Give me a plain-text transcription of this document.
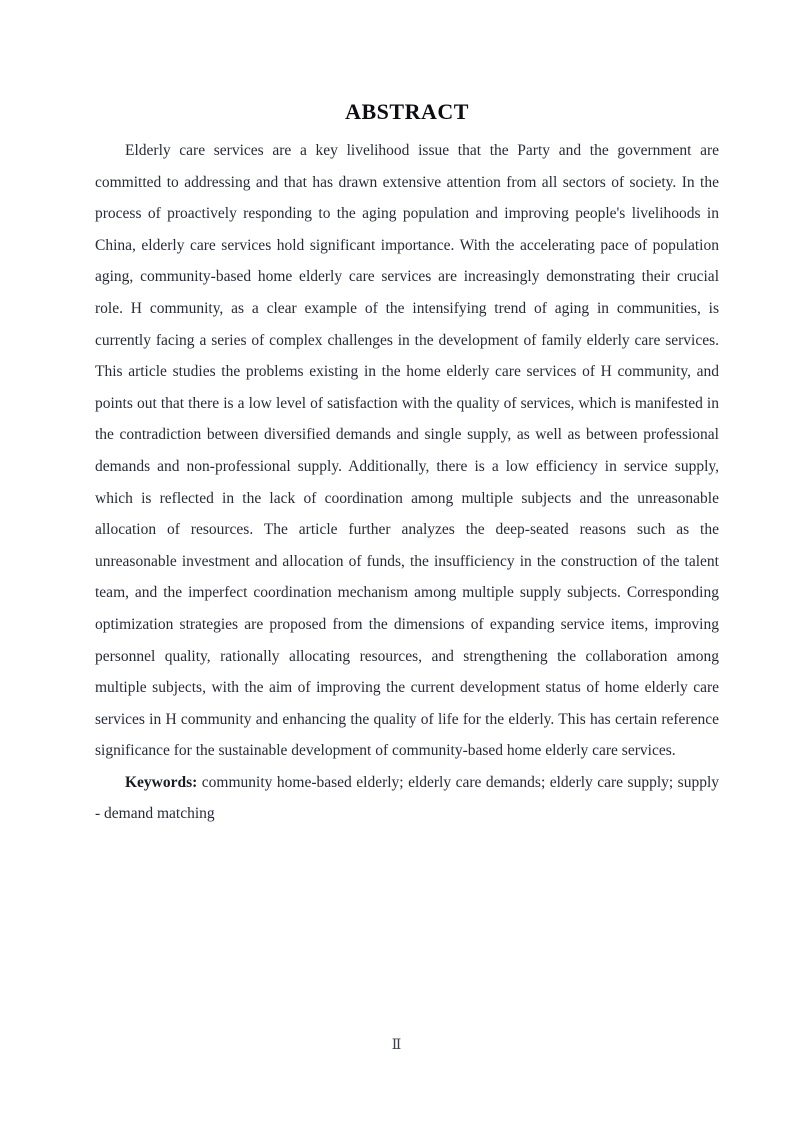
ABSTRACT

Elderly care services are a key livelihood issue that the Party and the government are committed to addressing and that has drawn extensive attention from all sectors of society. In the process of proactively responding to the aging population and improving people's livelihoods in China, elderly care services hold significant importance. With the accelerating pace of population aging, community-based home elderly care services are increasingly demonstrating their crucial role. H community, as a clear example of the intensifying trend of aging in communities, is currently facing a series of complex challenges in the development of family elderly care services. This article studies the problems existing in the home elderly care services of H community, and points out that there is a low level of satisfaction with the quality of services, which is manifested in the contradiction between diversified demands and single supply, as well as between professional demands and non-professional supply. Additionally, there is a low efficiency in service supply, which is reflected in the lack of coordination among multiple subjects and the unreasonable allocation of resources. The article further analyzes the deep-seated reasons such as the unreasonable investment and allocation of funds, the insufficiency in the construction of the talent team, and the imperfect coordination mechanism among multiple supply subjects. Corresponding optimization strategies are proposed from the dimensions of expanding service items, improving personnel quality, rationally allocating resources, and strengthening the collaboration among multiple subjects, with the aim of improving the current development status of home elderly care services in H community and enhancing the quality of life for the elderly. This has certain reference significance for the sustainable development of community-based home elderly care services.

Keywords: community home-based elderly; elderly care demands; elderly care supply; supply - demand matching

Ⅱ
